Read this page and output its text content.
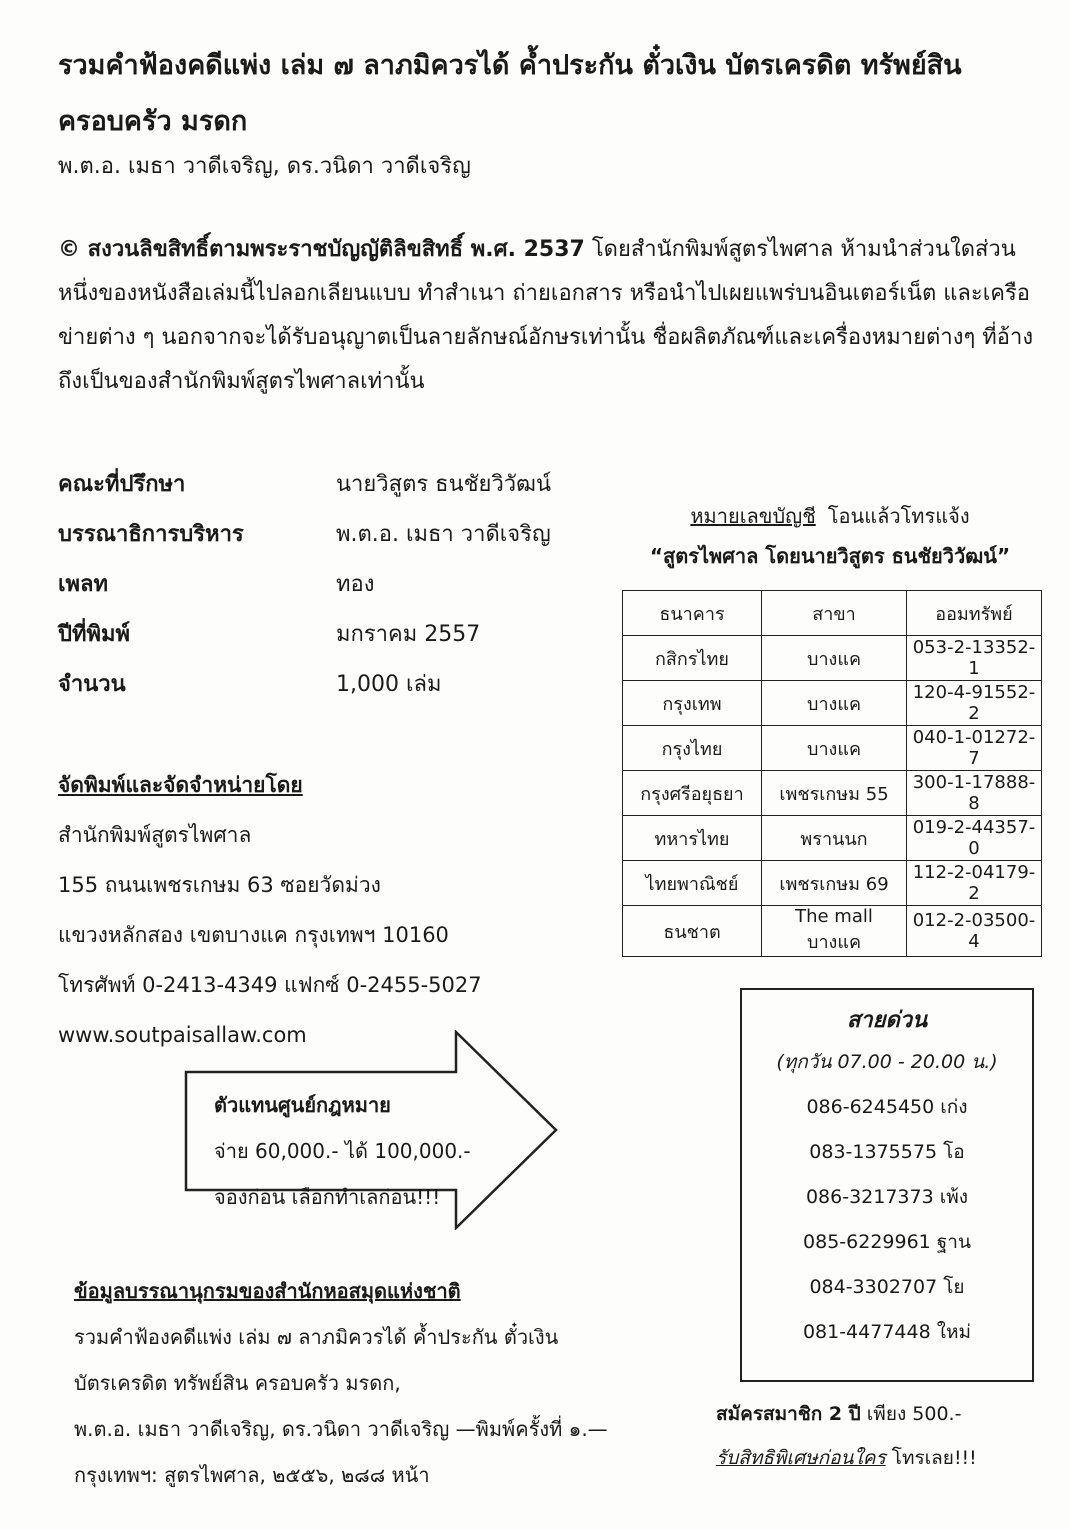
รวมคำฟ้องคดีแพ่ง เล่ม ๗ ลาภมิควรได้ ค้ำประกัน ตั๋วเงิน บัตรเครดิต ทรัพย์สิน ครอบครัว มรดก
พ.ต.อ. เมธา วาดีเจริญ, ดร.วนิดา วาดีเจริญ
© สงวนลิขสิทธิ์ตามพระราชบัญญัติลิขสิทธิ์ พ.ศ. 2537 โดยสำนักพิมพ์สูตรไพศาล ห้ามนำส่วนใดส่วนหนึ่งของหนังสือเล่มนี้ไปลอกเลียนแบบ ทำสำเนา ถ่ายเอกสาร หรือนำไปเผยแพร่บนอินเตอร์เน็ต และเครือข่ายต่าง ๆ นอกจากจะได้รับอนุญาตเป็นลายลักษณ์อักษรเท่านั้น ชื่อผลิตภัณฑ์และเครื่องหมายต่างๆ ที่อ้างถึงเป็นของสำนักพิมพ์สูตรไพศาลเท่านั้น
คณะที่ปรึกษา	นายวิสูตร ธนชัยวิวัฒน์
บรรณาธิการบริหาร	พ.ต.อ. เมธา วาดีเจริญ
เพลท	ทอง
ปีที่พิมพ์	มกราคม 2557
จำนวน	1,000 เล่ม
จัดพิมพ์และจัดจำหน่ายโดย
สำนักพิมพ์สูตรไพศาล
155 ถนนเพชรเกษม 63 ซอยวัดม่วง
แขวงหลักสอง เขตบางแค กรุงเทพฯ 10160
โทรศัพท์ 0-2413-4349 แฟกซ์ 0-2455-5027
www.soutpaisallaw.com
หมายเลขบัญชี โอนแล้วโทรแจ้ง
“สูตรไพศาล โดยนายวิสูตร ธนชัยวิวัฒน์”
ธนาคาร	สาขา	ออมทรัพย์
กสิกรไทย	บางแค	053-2-13352-1
กรุงเทพ	บางแค	120-4-91552-2
กรุงไทย	บางแค	040-1-01272-7
กรุงศรีอยุธยา	เพชรเกษม 55	300-1-17888-8
ทหารไทย	พรานนก	019-2-44357-0
ไทยพาณิชย์	เพชรเกษม 69	112-2-04179-2
ธนชาต	The mall บางแค	012-2-03500-4
ตัวแทนศูนย์กฎหมาย
จ่าย 60,000.- ได้ 100,000.-
จองก่อน เลือกทำเลก่อน!!!
สายด่วน
(ทุกวัน 07.00 - 20.00 น.)
086-6245450 เก่ง
083-1375575 โอ
086-3217373 เพ้ง
085-6229961 ฐาน
084-3302707 โย
081-4477448 ใหม่
สมัครสมาชิก 2 ปี เพียง 500.-
รับสิทธิพิเศษก่อนใคร โทรเลย!!!
ข้อมูลบรรณานุกรมของสำนักหอสมุดแห่งชาติ
รวมคำฟ้องคดีแพ่ง เล่ม ๗ ลาภมิควรได้ ค้ำประกัน ตั๋วเงิน
บัตรเครดิต ทรัพย์สิน ครอบครัว มรดก,
พ.ต.อ. เมธา วาดีเจริญ, ดร.วนิดา วาดีเจริญ —พิมพ์ครั้งที่ ๑.—
กรุงเทพฯ: สูตรไพศาล, ๒๕๕๖, ๒๘๘ หน้า
